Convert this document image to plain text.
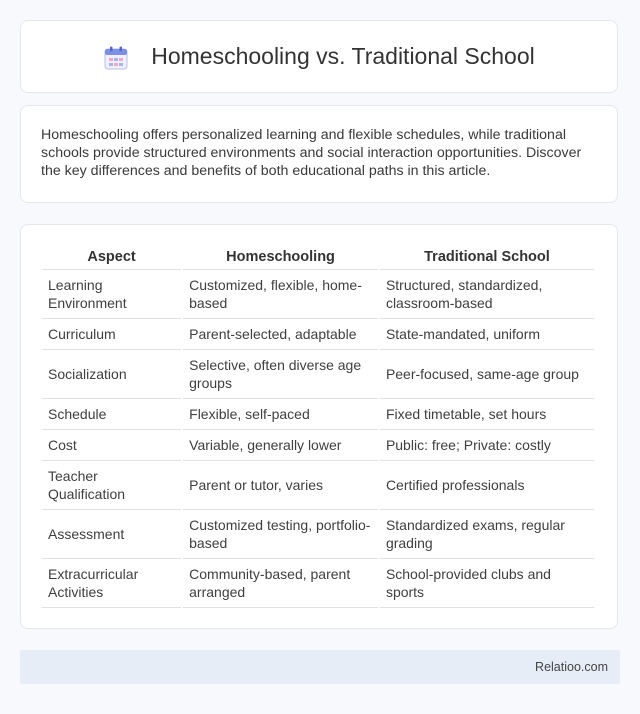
Homeschooling vs. Traditional School

Homeschooling offers personalized learning and flexible schedules, while traditional schools provide structured environments and social interaction opportunities. Discover the key differences and benefits of both educational paths in this article.

Aspect	Homeschooling	Traditional School
Learning Environment	Customized, flexible, home-based	Structured, standardized, classroom-based
Curriculum	Parent-selected, adaptable	State-mandated, uniform
Socialization	Selective, often diverse age groups	Peer-focused, same-age group
Schedule	Flexible, self-paced	Fixed timetable, set hours
Cost	Variable, generally lower	Public: free; Private: costly
Teacher Qualification	Parent or tutor, varies	Certified professionals
Assessment	Customized testing, portfolio-based	Standardized exams, regular grading
Extracurricular Activities	Community-based, parent arranged	School-provided clubs and sports
Relatioo.com
